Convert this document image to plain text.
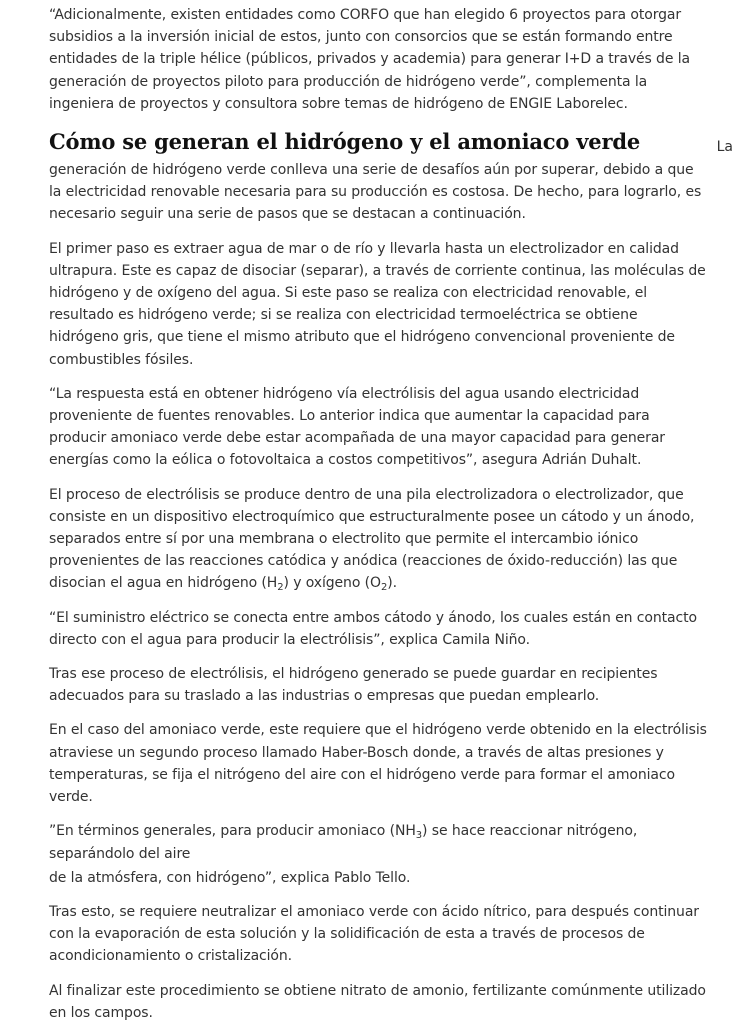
“Adicionalmente, existen entidades como CORFO que han elegido 6 proyectos para otorgar subsidios a la inversión inicial de estos, junto con consorcios que se están formando entre entidades de la triple hélice (públicos, privados y academia) para generar I+D a través de la generación de proyectos piloto para producción de hidrógeno verde”, complementa la ingeniera de proyectos y consultora sobre temas de hidrógeno de ENGIE Laborelec.

Cómo se generan el hidrógeno y el amoniaco verde	La

generación de hidrógeno verde conlleva una serie de desafíos aún por superar, debido a que la electricidad renovable necesaria para su producción es costosa. De hecho, para lograrlo, es necesario seguir una serie de pasos que se destacan a continuación.

El primer paso es extraer agua de mar o de río y llevarla hasta un electrolizador en calidad ultrapura. Este es capaz de disociar (separar), a través de corriente continua, las moléculas de hidrógeno y de oxígeno del agua. Si este paso se realiza con electricidad renovable, el resultado es hidrógeno verde; si se realiza con electricidad termoeléctrica se obtiene hidrógeno gris, que tiene el mismo atributo que el hidrógeno convencional proveniente de combustibles fósiles.

“La respuesta está en obtener hidrógeno vía electrólisis del agua usando electricidad proveniente de fuentes renovables. Lo anterior indica que aumentar la capacidad para producir amoniaco verde debe estar acompañada de una mayor capacidad para generar energías como la eólica o fotovoltaica a costos competitivos”, asegura Adrián Duhalt.

El proceso de electrólisis se produce dentro de una pila electrolizadora o electrolizador, que consiste en un dispositivo electroquímico que estructuralmente posee un cátodo y un ánodo, separados entre sí por una membrana o electrolito que permite el intercambio iónico provenientes de las reacciones catódica y anódica (reacciones de óxido-reducción) las que disocian el agua en hidrógeno $(H_2)$ y oxígeno $(O_2)$.

“El suministro eléctrico se conecta entre ambos cátodo y ánodo, los cuales están en contacto directo con el agua para producir la electrólisis”, explica Camila Niño.

Tras ese proceso de electrólisis, el hidrógeno generado se puede guardar en recipientes adecuados para su traslado a las industrias o empresas que puedan emplearlo.

En el caso del amoniaco verde, este requiere que el hidrógeno verde obtenido en la electrólisis atraviese un segundo proceso llamado Haber-Bosch donde, a través de altas presiones y temperaturas, se fija el nitrógeno del aire con el hidrógeno verde para formar el amoniaco verde.

”En términos generales, para producir amoniaco $(NH_3)$ se hace reaccionar nitrógeno, separándolo del aire
de la atmósfera, con hidrógeno”, explica Pablo Tello.

Tras esto, se requiere neutralizar el amoniaco verde con ácido nítrico, para después continuar con la evaporación de esta solución y la solidificación de esta a través de procesos de acondicionamiento o cristalización.

Al finalizar este procedimiento se obtiene nitrato de amonio, fertilizante comúnmente utilizado en los campos.
